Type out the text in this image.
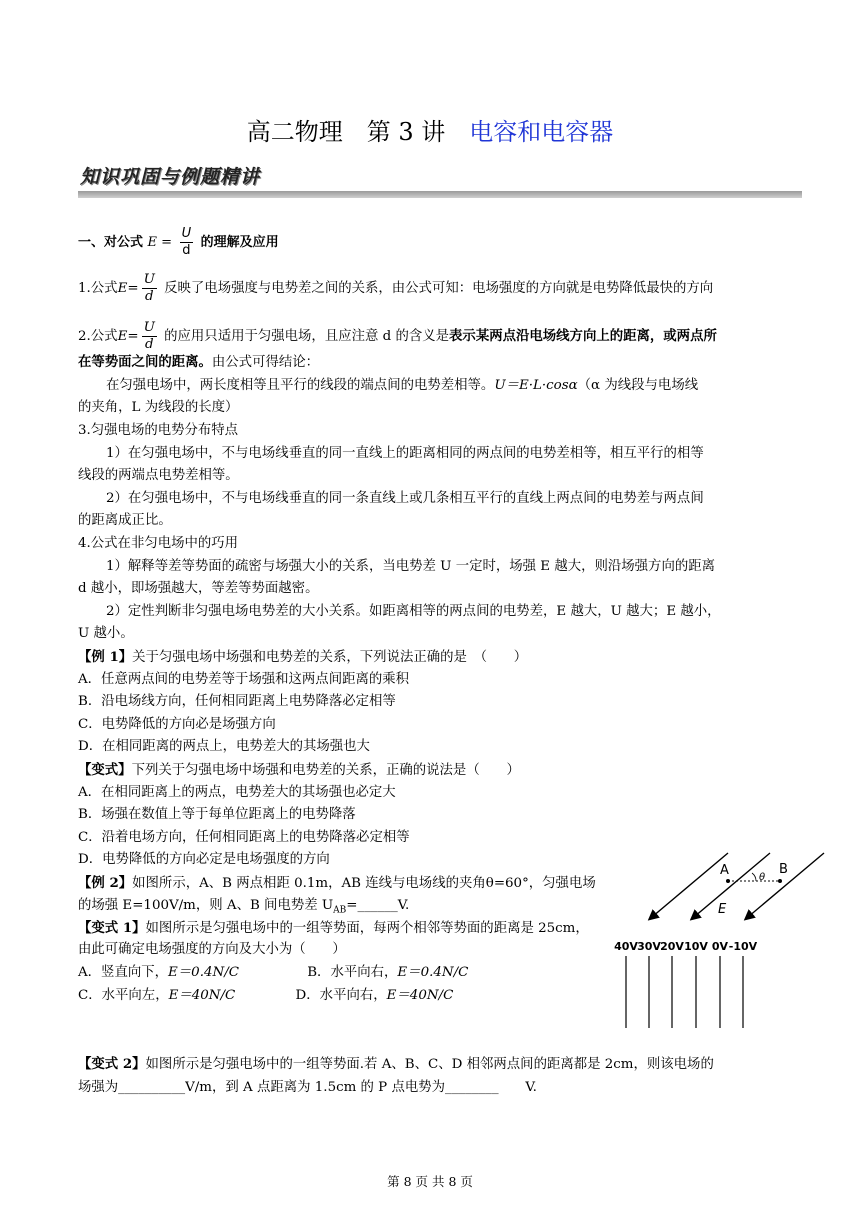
高二物理　第 3 讲　电容和电容器
知识巩固与例题精讲
一、对公式 $E = \frac{U}{d}$ 的理解及应用
1.公式$E= \frac{U}{d}$ 反映了电场强度与电势差之间的关系，由公式可知：电场强度的方向就是电势降低最快的方向
2.公式$E= \frac{U}{d}$ 的应用只适用于匀强电场，且应注意 d 的含义是表示某两点沿电场线方向上的距离，或两点所
在等势面之间的距离。由公式可得结论：
在匀强电场中，两长度相等且平行的线段的端点间的电势差相等。U＝E·L·cosα（α 为线段与电场线
的夹角，L 为线段的长度）
3.匀强电场的电势分布特点
1）在匀强电场中，不与电场线垂直的同一直线上的距离相同的两点间的电势差相等，相互平行的相等
线段的两端点电势差相等。
2）在匀强电场中，不与电场线垂直的同一条直线上或几条相互平行的直线上两点间的电势差与两点间
的距离成正比。
4.公式在非匀电场中的巧用
1）解释等差等势面的疏密与场强大小的关系，当电势差 U 一定时，场强 E 越大，则沿场强方向的距离
d 越小，即场强越大，等差等势面越密。
2）定性判断非匀强电场电势差的大小关系。如距离相等的两点间的电势差，E 越大，U 越大；E 越小，
U 越小。
【例 1】关于匀强电场中场强和电势差的关系，下列说法正确的是　（　　）
A．任意两点间的电势差等于场强和这两点间距离的乘积
B．沿电场线方向，任何相同距离上电势降落必定相等
C．电势降低的方向必是场强方向
D．在相同距离的两点上，电势差大的其场强也大
【变式】下列关于匀强电场中场强和电势差的关系，正确的说法是（　　）
A．在相同距离上的两点，电势差大的其场强也必定大
B．场强在数值上等于每单位距离上的电势降落
C．沿着电场方向，任何相同距离上的电势降落必定相等
D．电势降低的方向必定是电场强度的方向
【例 2】如图所示，A、B 两点相距 0.1m，AB 连线与电场线的夹角θ=60°，匀强电场
的场强 E=100V/m，则 A、B 间电势差 $U_{AB}=\_\_\_\_\_\_V$.
【变式 1】如图所示是匀强电场中的一组等势面，每两个相邻等势面的距离是 25cm，
由此可确定电场强度的方向及大小为（　　）
A．竖直向下，E＝0.4N/C	B．水平向右，E＝0.4N/C
C．水平向左，E＝40N/C	D．水平向右，E＝40N/C
【变式 2】如图所示是匀强电场中的一组等势面.若 A、B、C、D 相邻两点间的距离都是 2cm，则该电场的
场强为__________V/m，到 A 点距离为 1.5cm 的 P 点电势为________　　V.
A	B
θ
E
40V 30V 20V 10V 0V -10V
第 8 页 共 8 页
